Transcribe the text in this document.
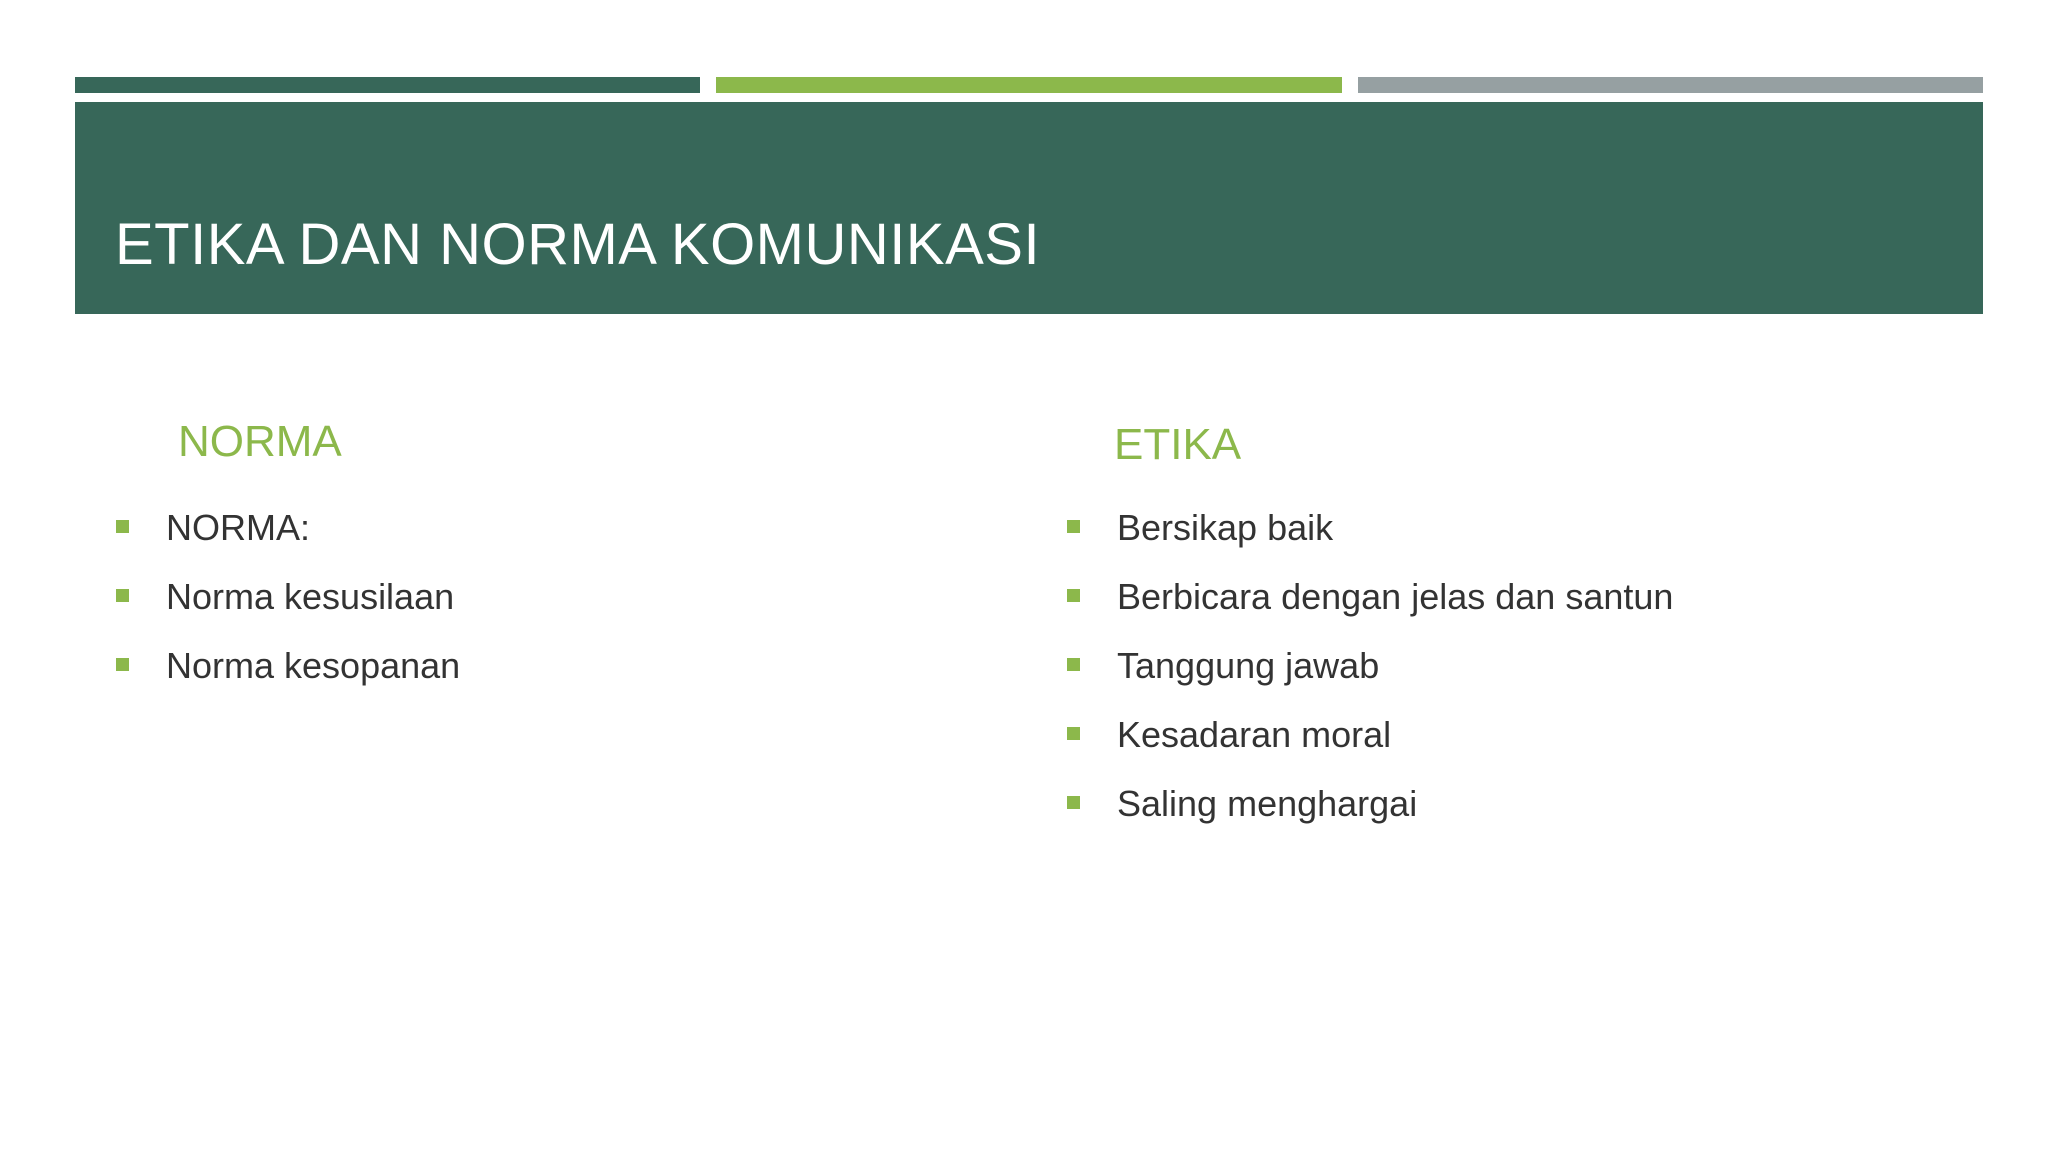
ETIKA DAN NORMA KOMUNIKASI
NORMA
NORMA:
Norma kesusilaan
Norma kesopanan
ETIKA
Bersikap baik
Berbicara dengan jelas dan santun
Tanggung jawab
Kesadaran moral
Saling menghargai
